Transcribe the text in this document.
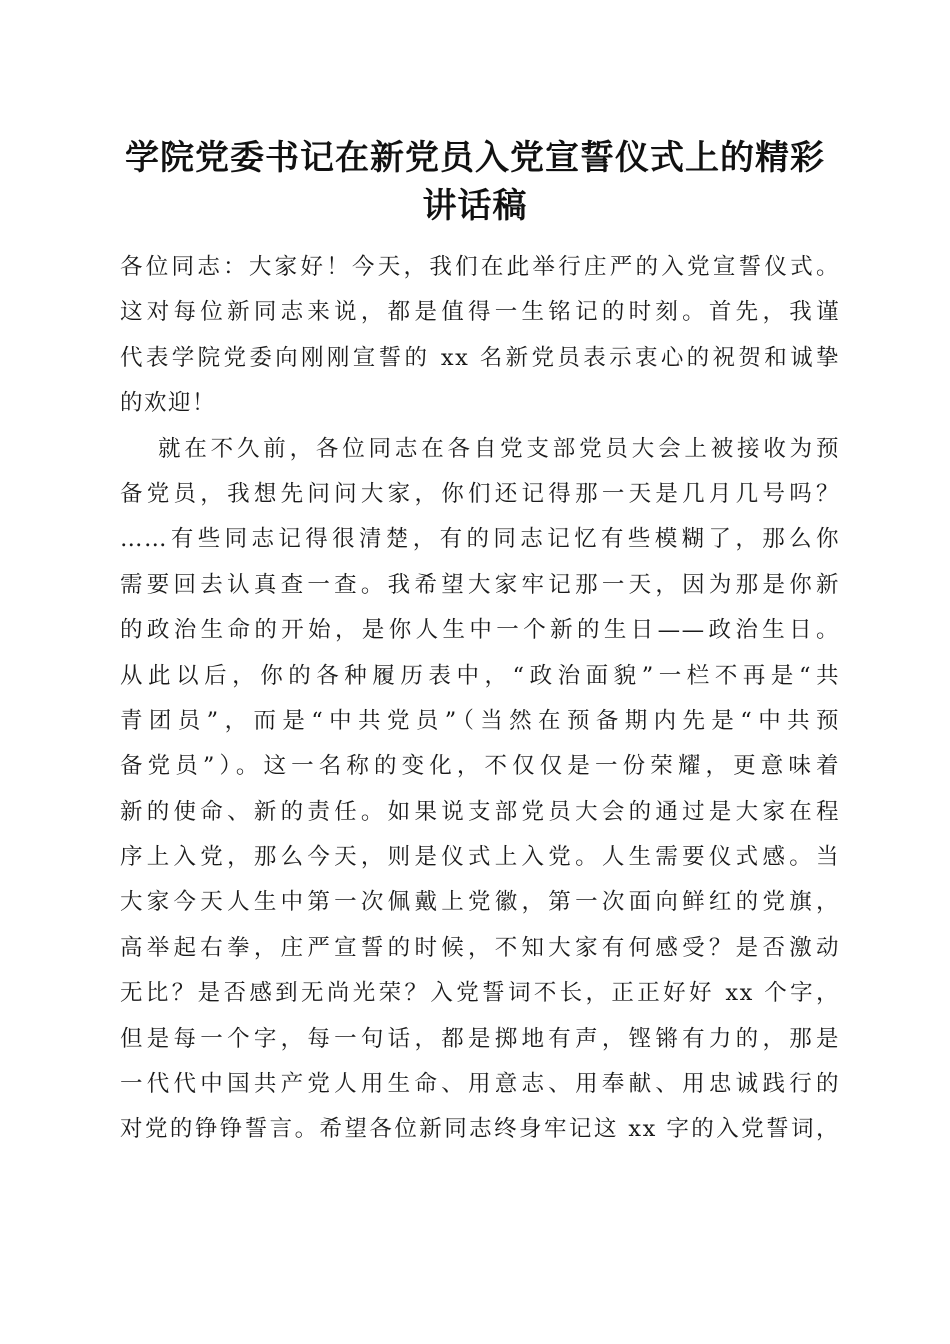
学院党委书记在新党员入党宣誓仪式上的精彩
讲话稿
各位同志：大家好！今天，我们在此举行庄严的入党宣誓仪式。
这对每位新同志来说，都是值得一生铭记的时刻。首先，我谨
代表学院党委向刚刚宣誓的 xx 名新党员表示衷心的祝贺和诚挚
的欢迎！
就在不久前，各位同志在各自党支部党员大会上被接收为预
备党员，我想先问问大家，你们还记得那一天是几月几号吗？
……有些同志记得很清楚，有的同志记忆有些模糊了，那么你
需要回去认真查一查。我希望大家牢记那一天，因为那是你新
的政治生命的开始，是你人生中一个新的生日——政治生日。
从此以后，你的各种履历表中，“政治面貌”一栏不再是“共
青团员”，而是“中共党员”（当然在预备期内先是“中共预
备党员”）。这一名称的变化，不仅仅是一份荣耀，更意味着
新的使命、新的责任。如果说支部党员大会的通过是大家在程
序上入党，那么今天，则是仪式上入党。人生需要仪式感。当
大家今天人生中第一次佩戴上党徽，第一次面向鲜红的党旗，
高举起右拳，庄严宣誓的时候，不知大家有何感受？是否激动
无比？是否感到无尚光荣？入党誓词不长，正正好好 xx 个字，
但是每一个字，每一句话，都是掷地有声，铿锵有力的，那是
一代代中国共产党人用生命、用意志、用奉献、用忠诚践行的
对党的铮铮誓言。希望各位新同志终身牢记这 xx 字的入党誓词，
